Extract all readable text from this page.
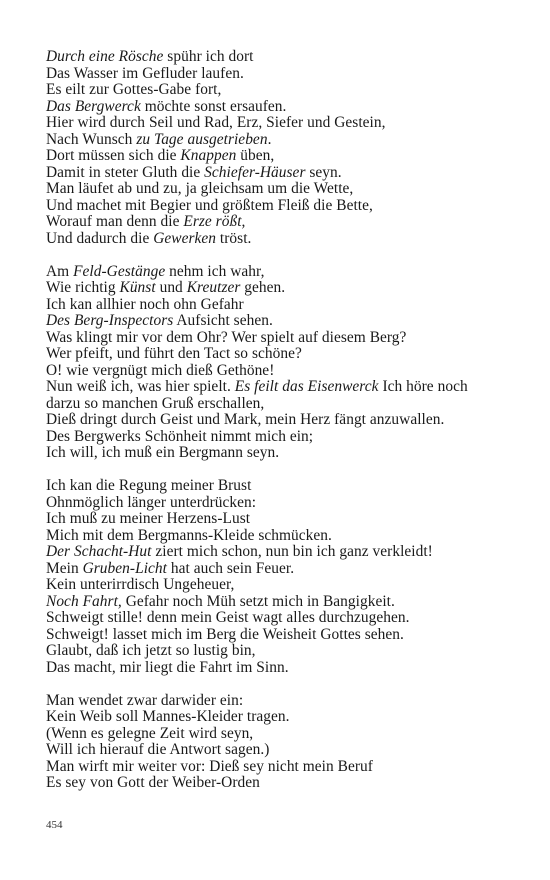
Durch eine Rösche spühr ich dort
Das Wasser im Gefluder laufen.
Es eilt zur Gottes-Gabe fort,
Das Bergwerck möchte sonst ersaufen.
Hier wird durch Seil und Rad, Erz, Siefer und Gestein,
Nach Wunsch zu Tage ausgetrieben.
Dort müssen sich die Knappen üben,
Damit in steter Gluth die Schiefer-Häuser seyn.
Man läufet ab und zu, ja gleichsam um die Wette,
Und machet mit Begier und größtem Fleiß die Bette,
Worauf man denn die Erze rößt,
Und dadurch die Gewerken tröst.
Am Feld-Gestänge nehm ich wahr,
Wie richtig Künst und Kreutzer gehen.
Ich kan allhier noch ohn Gefahr
Des Berg-Inspectors Aufsicht sehen.
Was klingt mir vor dem Ohr? Wer spielt auf diesem Berg?
Wer pfeift, und führt den Tact so schöne?
O! wie vergnügt mich dieß Gethöne!
Nun weiß ich, was hier spielt. Es feilt das Eisenwerck Ich höre noch
darzu so manchen Gruß erschallen,
Dieß dringt durch Geist und Mark, mein Herz fängt anzuwallen.
Des Bergwerks Schönheit nimmt mich ein;
Ich will, ich muß ein Bergmann seyn.
Ich kan die Regung meiner Brust
Ohnmöglich länger unterdrücken:
Ich muß zu meiner Herzens-Lust
Mich mit dem Bergmanns-Kleide schmücken.
Der Schacht-Hut ziert mich schon, nun bin ich ganz verkleidt!
Mein Gruben-Licht hat auch sein Feuer.
Kein unterirrdisch Ungeheuer,
Noch Fahrt, Gefahr noch Müh setzt mich in Bangigkeit.
Schweigt stille! denn mein Geist wagt alles durchzugehen.
Schweigt! lasset mich im Berg die Weisheit Gottes sehen.
Glaubt, daß ich jetzt so lustig bin,
Das macht, mir liegt die Fahrt im Sinn.
Man wendet zwar darwider ein:
Kein Weib soll Mannes-Kleider tragen.
(Wenn es gelegne Zeit wird seyn,
Will ich hierauf die Antwort sagen.)
Man wirft mir weiter vor: Dieß sey nicht mein Beruf
Es sey von Gott der Weiber-Orden
454
